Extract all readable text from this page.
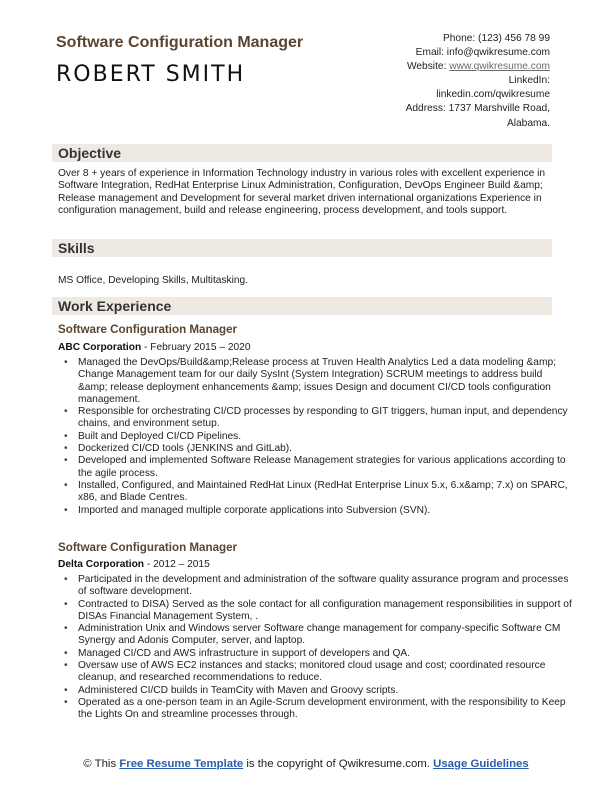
Software Configuration Manager
ROBERT SMITH
Phone: (123) 456 78 99
Email: info@qwikresume.com
Website: www.qwikresume.com
LinkedIn:
linkedin.com/qwikresume
Address: 1737 Marshville Road,
Alabama.
Objective
Over 8 + years of experience in Information Technology industry in various roles with excellent experience in Software Integration, RedHat Enterprise Linux Administration, Configuration, DevOps Engineer Build &amp; Release management and Development for several market driven international organizations Experience in configuration management, build and release engineering, process development, and tools support.
Skills
MS Office, Developing Skills, Multitasking.
Work Experience
Software Configuration Manager
ABC Corporation - February 2015 – 2020
• Managed the DevOps/Build&amp;Release process at Truven Health Analytics Led a data modeling &amp; Change Management team for our daily SysInt (System Integration) SCRUM meetings to address build &amp; release deployment enhancements &amp; issues Design and document CI/CD tools configuration management.
• Responsible for orchestrating CI/CD processes by responding to GIT triggers, human input, and dependency chains, and environment setup.
• Built and Deployed CI/CD Pipelines.
• Dockerized CI/CD tools (JENKINS and GitLab).
• Developed and implemented Software Release Management strategies for various applications according to the agile process.
• Installed, Configured, and Maintained RedHat Linux (RedHat Enterprise Linux 5.x, 6.x&amp; 7.x) on SPARC, x86, and Blade Centres.
• Imported and managed multiple corporate applications into Subversion (SVN).
Software Configuration Manager
Delta Corporation - 2012 – 2015
• Participated in the development and administration of the software quality assurance program and processes of software development.
• Contracted to DISA) Served as the sole contact for all configuration management responsibilities in support of DISAs Financial Management System, .
• Administration Unix and Windows server Software change management for company-specific Software CM Synergy and Adonis Computer, server, and laptop.
• Managed CI/CD and AWS infrastructure in support of developers and QA.
• Oversaw use of AWS EC2 instances and stacks; monitored cloud usage and cost; coordinated resource cleanup, and researched recommendations to reduce.
• Administered CI/CD builds in TeamCity with Maven and Groovy scripts.
• Operated as a one-person team in an Agile-Scrum development environment, with the responsibility to Keep the Lights On and streamline processes through.
© This Free Resume Template is the copyright of Qwikresume.com. Usage Guidelines
